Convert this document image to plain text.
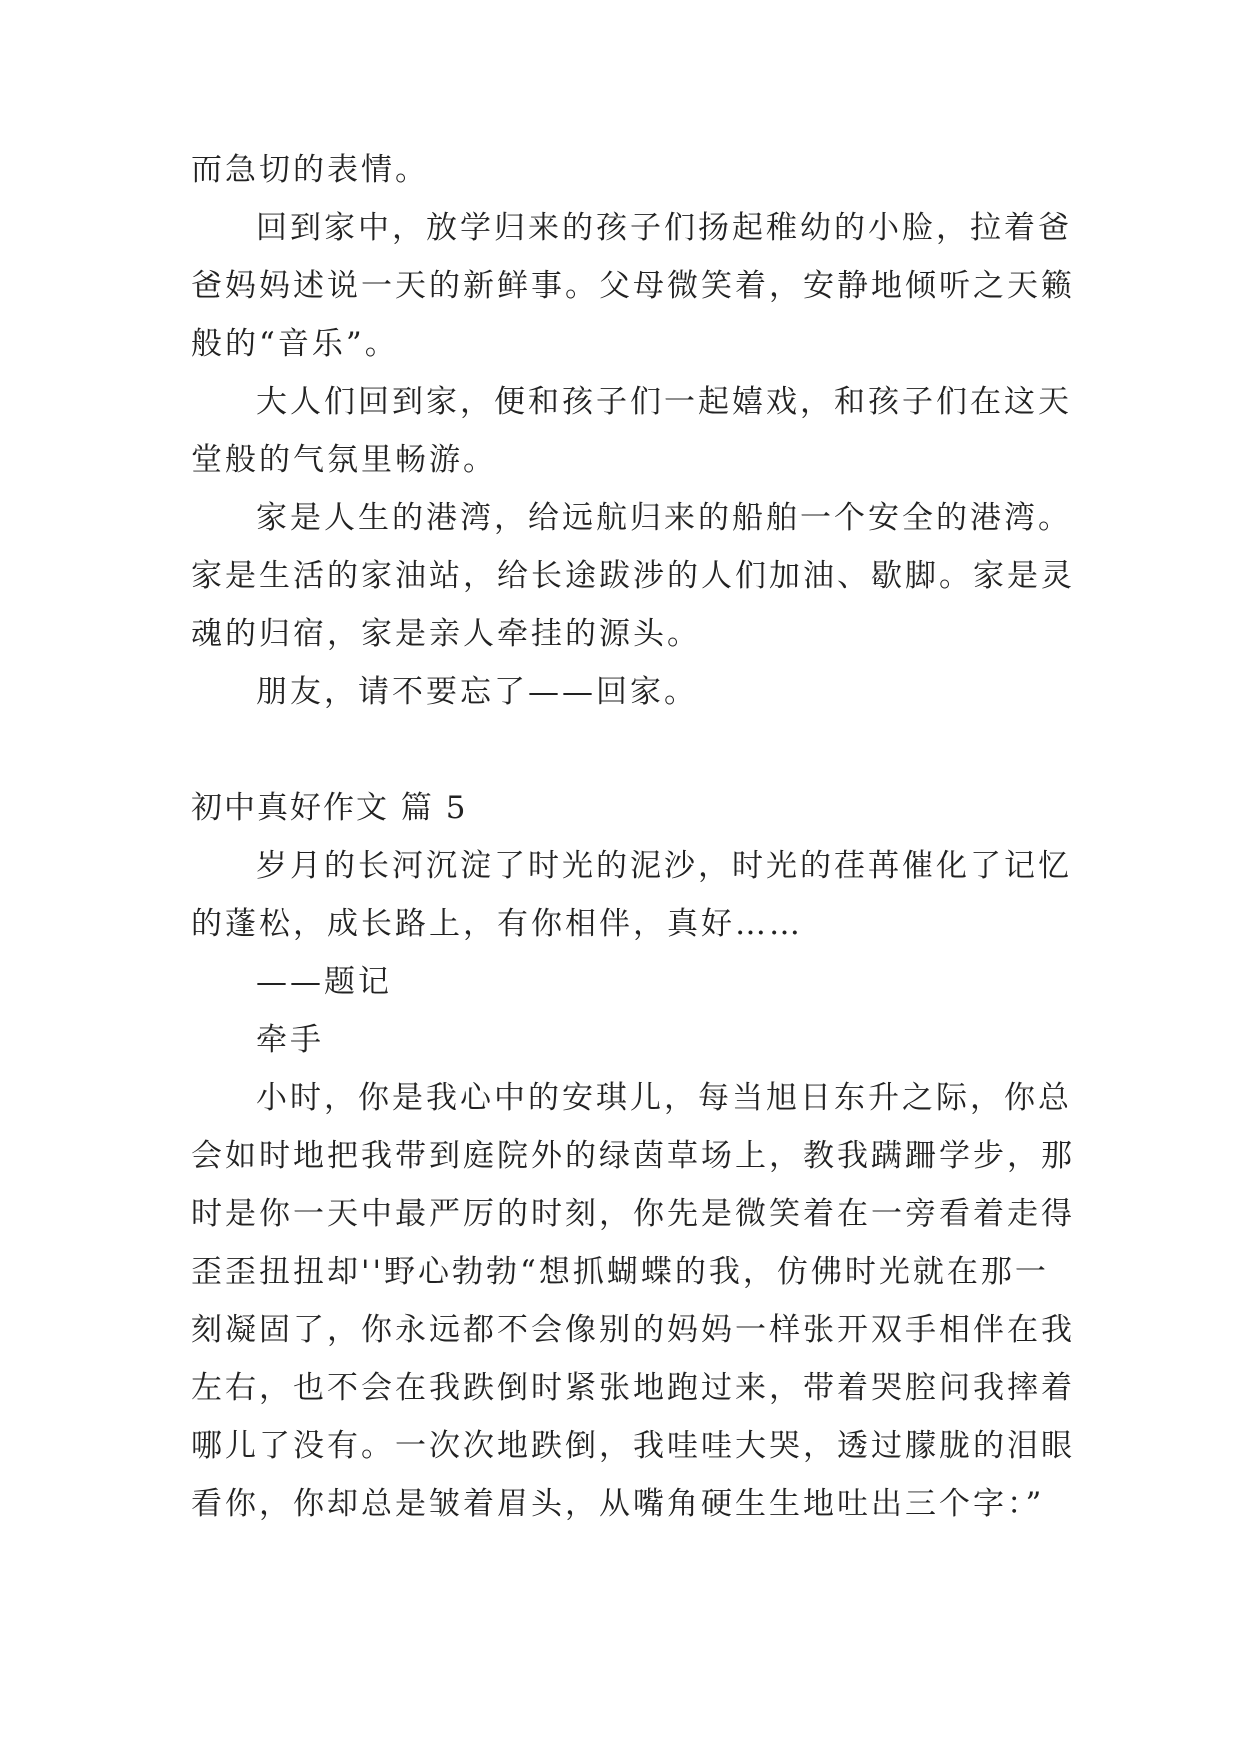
而急切的表情。
回到家中，放学归来的孩子们扬起稚幼的小脸，拉着爸
爸妈妈述说一天的新鲜事。父母微笑着，安静地倾听之天籁
般的“音乐”。
大人们回到家，便和孩子们一起嬉戏，和孩子们在这天
堂般的气氛里畅游。
家是人生的港湾，给远航归来的船舶一个安全的港湾。
家是生活的家油站，给长途跋涉的人们加油、歇脚。家是灵
魂的归宿，家是亲人牵挂的源头。
朋友，请不要忘了——回家。
初中真好作文 篇 5
岁月的长河沉淀了时光的泥沙，时光的荏苒催化了记忆
的蓬松，成长路上，有你相伴，真好……
——题记
牵手
小时，你是我心中的安琪儿，每当旭日东升之际，你总
会如时地把我带到庭院外的绿茵草场上，教我蹒跚学步，那
时是你一天中最严厉的时刻，你先是微笑着在一旁看着走得
歪歪扭扭却''野心勃勃“想抓蝴蝶的我，仿佛时光就在那一
刻凝固了，你永远都不会像别的妈妈一样张开双手相伴在我
左右，也不会在我跌倒时紧张地跑过来，带着哭腔问我摔着
哪儿了没有。一次次地跌倒，我哇哇大哭，透过朦胧的泪眼
看你，你却总是皱着眉头，从嘴角硬生生地吐出三个字：”
